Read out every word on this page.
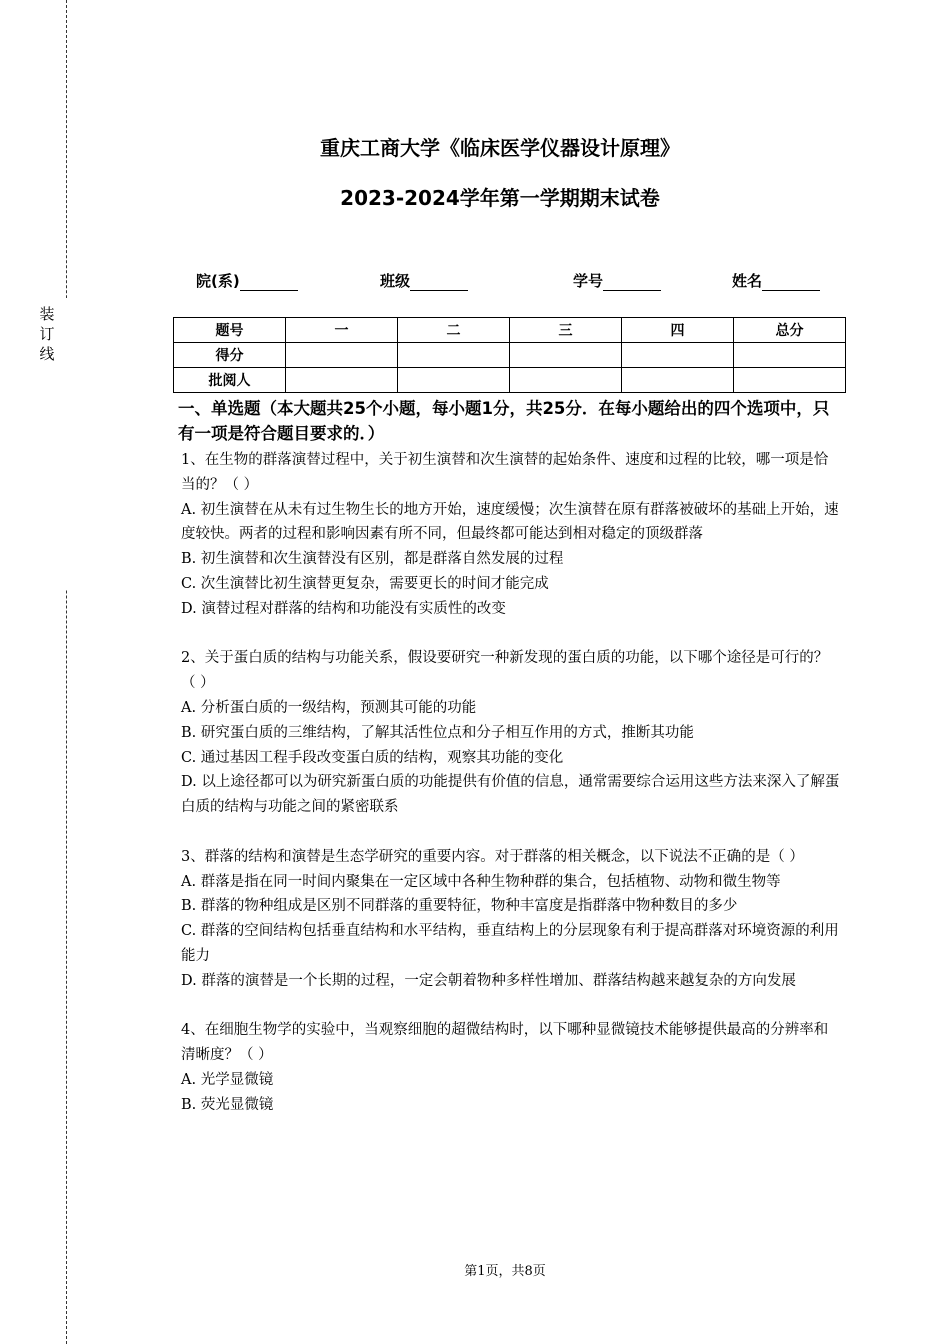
装
订
线
重庆工商大学《临床医学仪器设计原理》
2023-2024学年第一学期期末试卷
院(系)	班级	学号	姓名
题号	一	二	三	四	总分
得分					
批阅人					
一、单选题（本大题共25个小题，每小题1分，共25分．在每小题给出的四个选项中，只有一项是符合题目要求的．）

1、在生物的群落演替过程中，关于初生演替和次生演替的起始条件、速度和过程的比较，哪一项是恰当的？（ ）

A. 初生演替在从未有过生物生长的地方开始，速度缓慢；次生演替在原有群落被破坏的基础上开始，速度较快。两者的过程和影响因素有所不同，但最终都可能达到相对稳定的顶级群落

B. 初生演替和次生演替没有区别，都是群落自然发展的过程

C. 次生演替比初生演替更复杂，需要更长的时间才能完成

D. 演替过程对群落的结构和功能没有实质性的改变

2、关于蛋白质的结构与功能关系，假设要研究一种新发现的蛋白质的功能，以下哪个途径是可行的？（ ）

A. 分析蛋白质的一级结构，预测其可能的功能

B. 研究蛋白质的三维结构，了解其活性位点和分子相互作用的方式，推断其功能

C. 通过基因工程手段改变蛋白质的结构，观察其功能的变化

D. 以上途径都可以为研究新蛋白质的功能提供有价值的信息，通常需要综合运用这些方法来深入了解蛋白质的结构与功能之间的紧密联系

3、群落的结构和演替是生态学研究的重要内容。对于群落的相关概念，以下说法不正确的是（ ）

A. 群落是指在同一时间内聚集在一定区域中各种生物种群的集合，包括植物、动物和微生物等

B. 群落的物种组成是区别不同群落的重要特征，物种丰富度是指群落中物种数目的多少

C. 群落的空间结构包括垂直结构和水平结构，垂直结构上的分层现象有利于提高群落对环境资源的利用能力

D. 群落的演替是一个长期的过程，一定会朝着物种多样性增加、群落结构越来越复杂的方向发展

4、在细胞生物学的实验中，当观察细胞的超微结构时，以下哪种显微镜技术能够提供最高的分辨率和清晰度？（ ）

A. 光学显微镜

B. 荧光显微镜

第1页，共8页
